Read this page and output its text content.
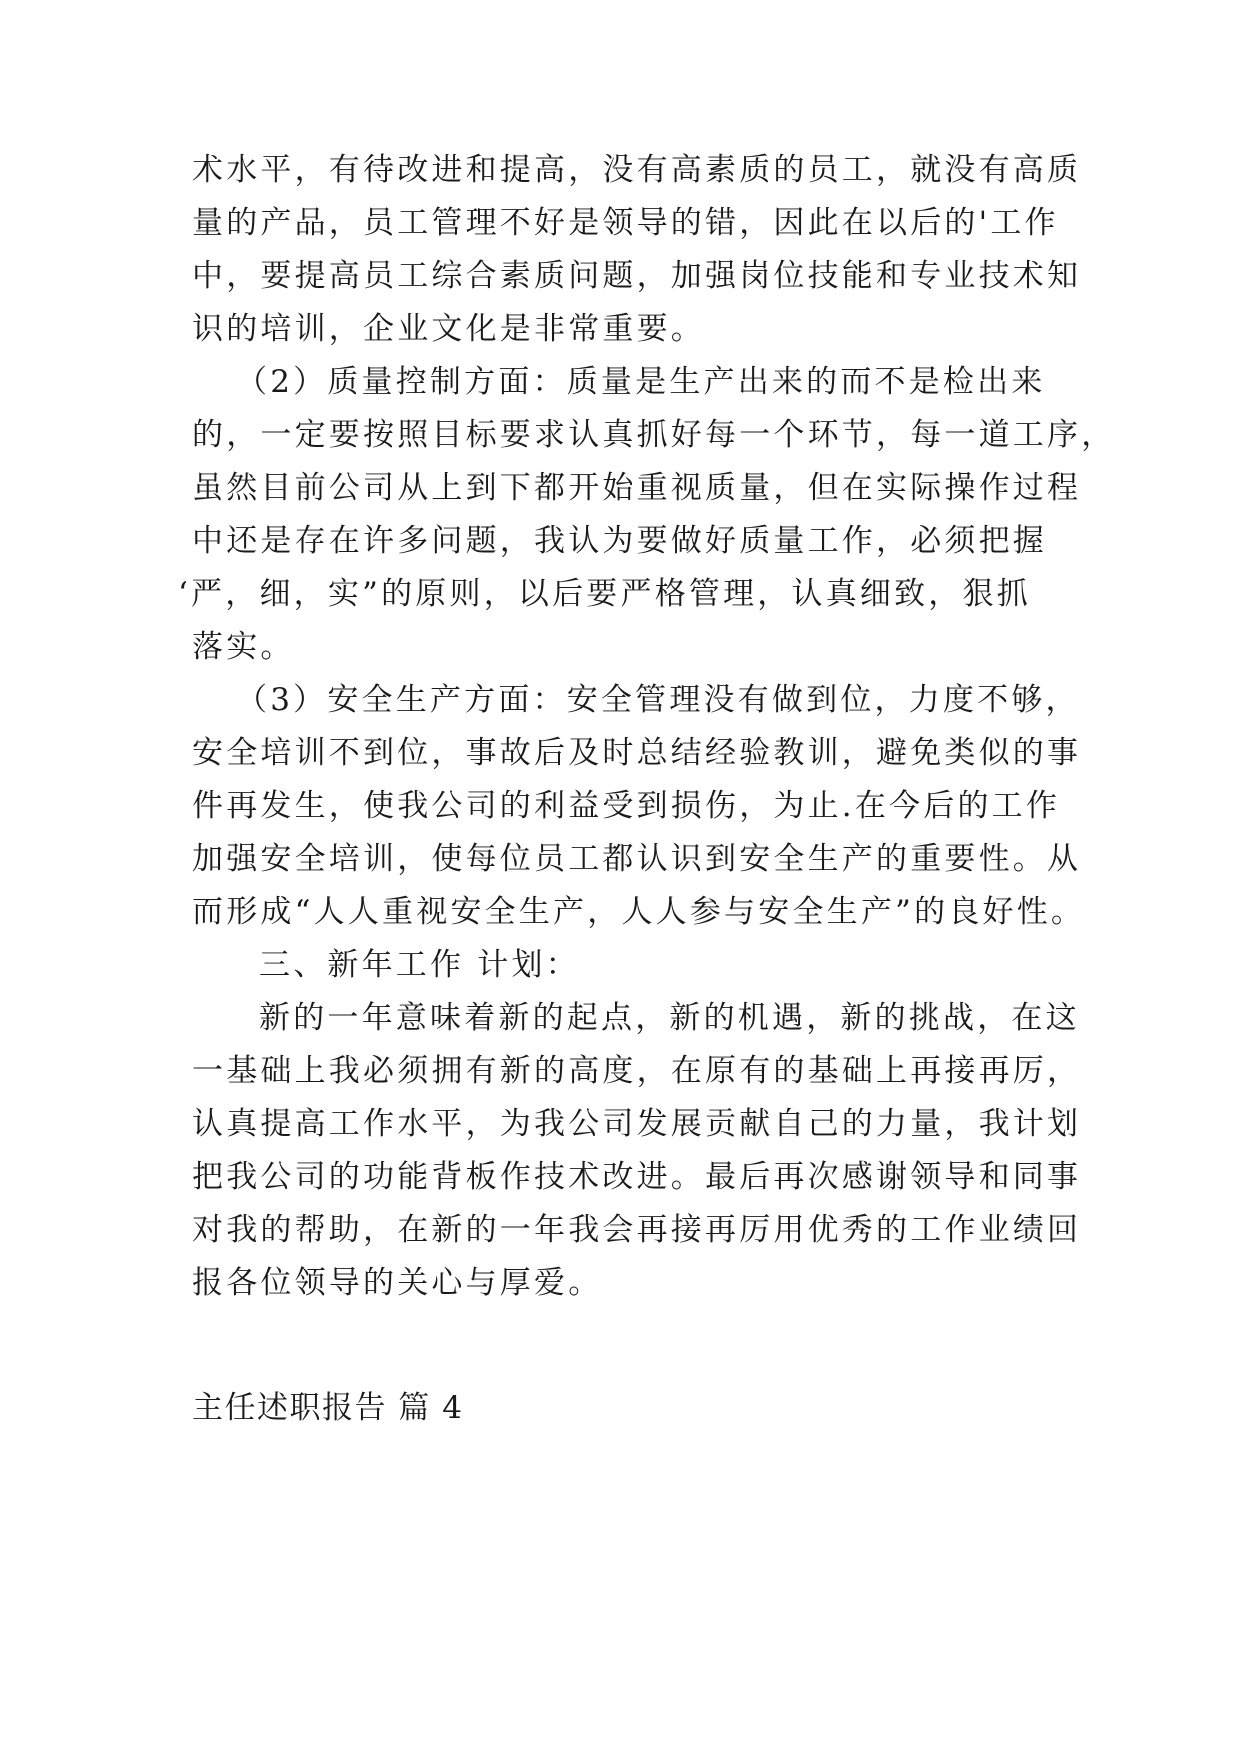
术水平，有待改进和提高，没有高素质的员工，就没有高质
量的产品，员工管理不好是领导的错，因此在以后的'工作
中，要提高员工综合素质问题，加强岗位技能和专业技术知
识的培训，企业文化是非常重要。
（2）质量控制方面：质量是生产出来的而不是检出来
的，一定要按照目标要求认真抓好每一个环节，每一道工序，
虽然目前公司从上到下都开始重视质量，但在实际操作过程
中还是存在许多问题，我认为要做好质量工作，必须把握
‘严，细，实”的原则，以后要严格管理，认真细致，狠抓
落实。
（3）安全生产方面：安全管理没有做到位，力度不够，
安全培训不到位，事故后及时总结经验教训，避免类似的事
件再发生，使我公司的利益受到损伤，为止.在今后的工作
加强安全培训，使每位员工都认识到安全生产的重要性。从
而形成“人人重视安全生产，人人参与安全生产”的良好性。
三、新年工作 计划：
新的一年意味着新的起点，新的机遇，新的挑战，在这
一基础上我必须拥有新的高度，在原有的基础上再接再厉，
认真提高工作水平，为我公司发展贡献自己的力量，我计划
把我公司的功能背板作技术改进。最后再次感谢领导和同事
对我的帮助，在新的一年我会再接再厉用优秀的工作业绩回
报各位领导的关心与厚爱。
主任述职报告 篇 4
